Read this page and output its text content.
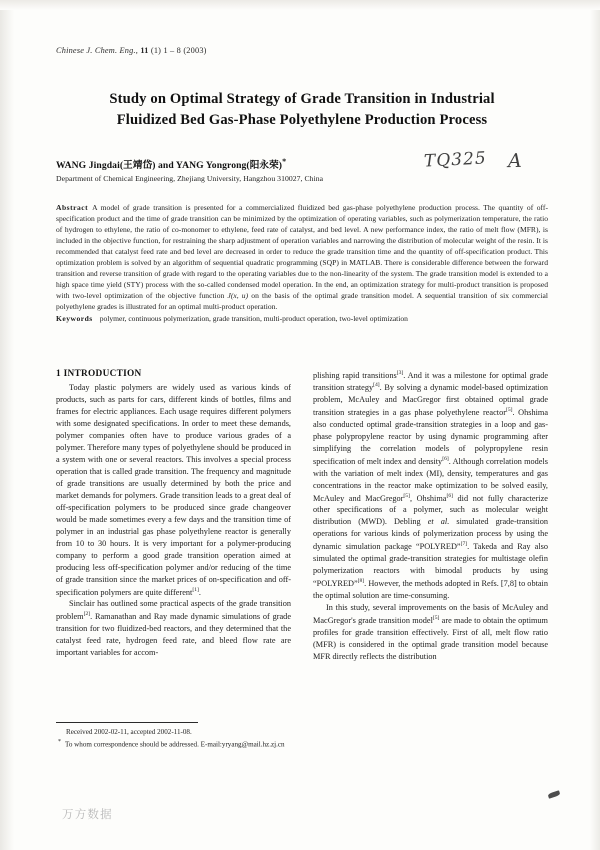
Chinese J. Chem. Eng., 11 (1) 1 – 8 (2003)
Study on Optimal Strategy of Grade Transition in Industrial
Fluidized Bed Gas-Phase Polyethylene Production Process
WANG Jingdai(王靖岱) and YANG Yongrong(阳永荣)*
Department of Chemical Engineering, Zhejiang University, Hangzhou 310027, China
TQ325 A
Abstract A model of grade transition is presented for a commercialized fluidized bed gas-phase polyethylene production process. The quantity of off-specification product and the time of grade transition can be minimized by the optimization of operating variables, such as polymerization temperature, the ratio of hydrogen to ethylene, the ratio of co-monomer to ethylene, feed rate of catalyst, and bed level. A new performance index, the ratio of melt flow (MFR), is included in the objective function, for restraining the sharp adjustment of operation variables and narrowing the distribution of molecular weight of the resin. It is recommended that catalyst feed rate and bed level are decreased in order to reduce the grade transition time and the quantity of off-specification product. This optimization problem is solved by an algorithm of sequential quadratic programming (SQP) in MATLAB. There is considerable difference between the forward transition and reverse transition of grade with regard to the operating variables due to the non-linearity of the system. The grade transition model is extended to a high space time yield (STY) process with the so-called condensed model operation. In the end, an optimization strategy for multi-product transition is proposed with two-level optimization of the objective function J(x, u) on the basis of the optimal grade transition model. A sequential transition of six commercial polyethylene grades is illustrated for an optimal multi-product operation.
Keywords polymer, continuous polymerization, grade transition, multi-product operation, two-level optimization
1 INTRODUCTION

Today plastic polymers are widely used as various kinds of products, such as parts for cars, different kinds of bottles, films and frames for electric appliances. Each usage requires different polymers with some designated specifications. In order to meet these demands, polymer companies often have to produce various grades of a polymer. Therefore many types of polyethylene should be produced in a system with one or several reactors. This involves a special process operation that is called grade transition. The frequency and magnitude of grade transitions are usually determined by both the price and market demands for polymers. Grade transition leads to a great deal of off-specification polymers to be produced since grade changeover would be made sometimes every a few days and the transition time of polymer in an industrial gas phase polyethylene reactor is generally from 10 to 30 hours. It is very important for a polymer-producing company to perform a good grade transition operation aimed at producing less off-specification polymer and/or reducing of the time of grade transition since the market prices of on-specification and off-specification polymers are quite different[1].

Sinclair has outlined some practical aspects of the grade transition problem[2]. Ramanathan and Ray made dynamic simulations of grade transition for two fluidized-bed reactors, and they determined that the catalyst feed rate, hydrogen feed rate, and bleed flow rate are important variables for accom-

plishing rapid transitions[3]. And it was a milestone for optimal grade transition strategy[4]. By solving a dynamic model-based optimization problem, McAuley and MacGregor first obtained optimal grade transition strategies in a gas phase polyethylene reactor[5]. Ohshima also conducted optimal grade-transition strategies in a loop and gas-phase polypropylene reactor by using dynamic programming after simplifying the correlation models of polypropylene resin specification of melt index and density[6]. Although correlation models with the variation of melt index (MI), density, temperatures and gas concentrations in the reactor make optimization to be solved easily, McAuley and MacGregor[5], Ohshima[6] did not fully characterize other specifications of a polymer, such as molecular weight distribution (MWD). Debling et al. simulated grade-transition operations for various kinds of polymerization process by using the dynamic simulation package “POLYRED”[7]. Takeda and Ray also simulated the optimal grade-transition strategies for multistage olefin polymerization reactors with bimodal products by using “POLYRED”[8]. However, the methods adopted in Refs. [7,8] to obtain the optimal solution are time-consuming.

In this study, several improvements on the basis of McAuley and MacGregor's grade transition model[5] are made to obtain the optimum profiles for grade transition effectively. First of all, melt flow ratio (MFR) is considered in the optimal grade transition model because MFR directly reflects the distribution

Received 2002-02-11, accepted 2002-11-08.
* To whom correspondence should be addressed. E-mail:yryang@mail.hz.zj.cn
万方数据
